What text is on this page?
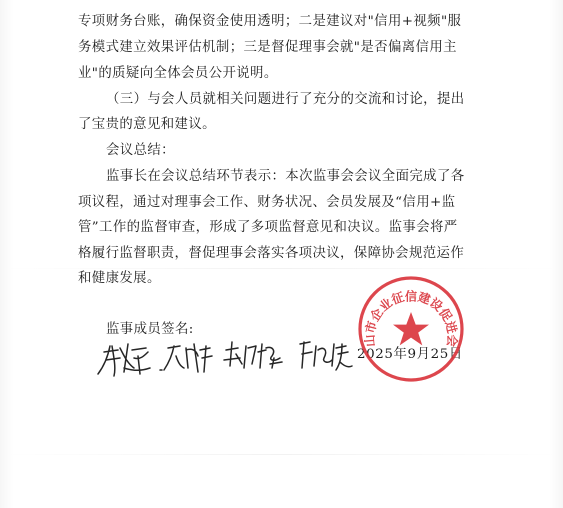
专项财务台账，确保资金使用透明；二是建议对"信用+视频"服
务模式建立效果评估机制；三是督促理事会就"是否偏离信用主
业"的质疑向全体会员公开说明。
（三）与会人员就相关问题进行了充分的交流和讨论，提出
了宝贵的意见和建议。
会议总结：
监事长在会议总结环节表示：本次监事会会议全面完成了各
项议程，通过对理事会工作、财务状况、会员发展及“信用+监
管”工作的监督审查，形成了多项监督意见和决议。监事会将严
格履行监督职责，督促理事会落实各项决议，保障协会规范运作
和健康发展。
监事成员签名:
2025年9月25日
山市企业征信建设促进会
